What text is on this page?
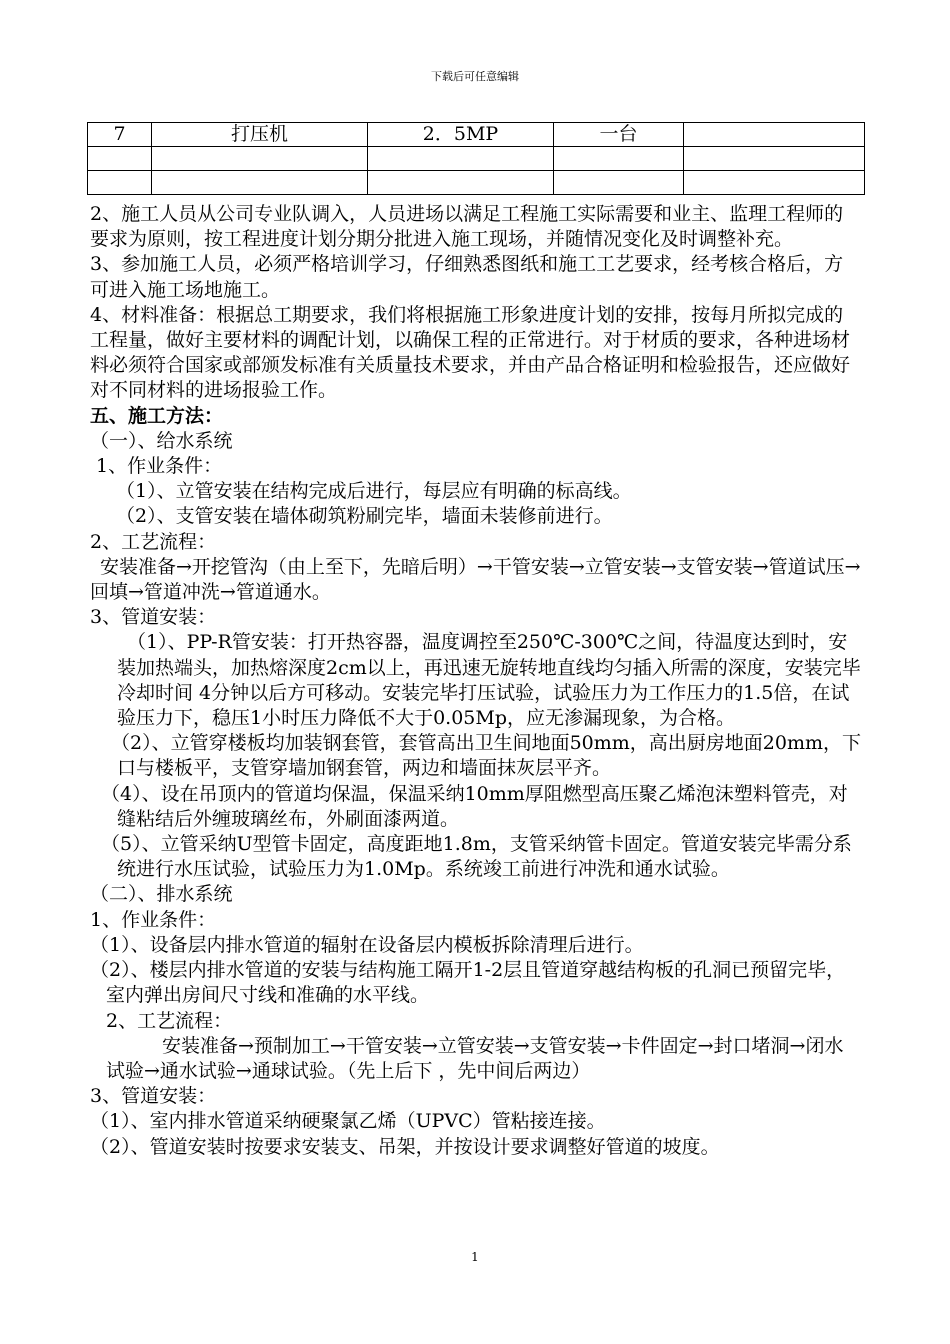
下载后可任意编辑
7	打压机	2．5MP	一台	

2、施工人员从公司专业队调入，人员进场以满足工程施工实际需要和业主、监理工程师的要求为原则，按工程进度计划分期分批进入施工现场，并随情况变化及时调整补充。

3、参加施工人员，必须严格培训学习，仔细熟悉图纸和施工工艺要求，经考核合格后，方可进入施工场地施工。

4、材料准备：根据总工期要求，我们将根据施工形象进度计划的安排，按每月所拟完成的工程量，做好主要材料的调配计划，以确保工程的正常进行。对于材质的要求，各种进场材料必须符合国家或部颁发标准有关质量技术要求，并由产品合格证明和检验报告，还应做好对不同材料的进场报验工作。

五、施工方法：

（一）、给水系统

1、作业条件：

（1）、立管安装在结构完成后进行，每层应有明确的标高线。

（2）、支管安装在墙体砌筑粉刷完毕，墙面未装修前进行。

2、工艺流程：

安装准备→开挖管沟（由上至下，先暗后明）→干管安装→立管安装→支管安装→管道试压→回填→管道冲洗→管道通水。

3、管道安装：

（1）、PP-R管安装：打开热容器，温度调控至250℃-300℃之间，待温度达到时，安装加热端头，加热熔深度2cm以上，再迅速无旋转地直线均匀插入所需的深度，安装完毕冷却时间 4分钟以后方可移动。安装完毕打压试验，试验压力为工作压力的1.5倍，在试验压力下，稳压1小时压力降低不大于0.05Mp，应无渗漏现象，为合格。

（2）、立管穿楼板均加装钢套管，套管高出卫生间地面50mm，高出厨房地面20mm，下口与楼板平，支管穿墙加钢套管，两边和墙面抹灰层平齐。

（4）、设在吊顶内的管道均保温，保温采纳10mm厚阻燃型高压聚乙烯泡沫塑料管壳，对缝粘结后外缠玻璃丝布，外刷面漆两道。

（5）、立管采纳U型管卡固定，高度距地1.8m，支管采纳管卡固定。管道安装完毕需分系统进行水压试验，试验压力为1.0Mp。系统竣工前进行冲洗和通水试验。

（二）、排水系统

1、作业条件：

（1）、设备层内排水管道的辐射在设备层内模板拆除清理后进行。

（2）、楼层内排水管道的安装与结构施工隔开1-2层且管道穿越结构板的孔洞已预留完毕，室内弹出房间尺寸线和准确的水平线。

2、工艺流程：

安装准备→预制加工→干管安装→立管安装→支管安装→卡件固定→封口堵洞→闭水试验→通水试验→通球试验。（先上后下 ，先中间后两边）

3、管道安装：

（1）、室内排水管道采纳硬聚氯乙烯（UPVC）管粘接连接。

（2）、管道安装时按要求安装支、吊架，并按设计要求调整好管道的坡度。

1
